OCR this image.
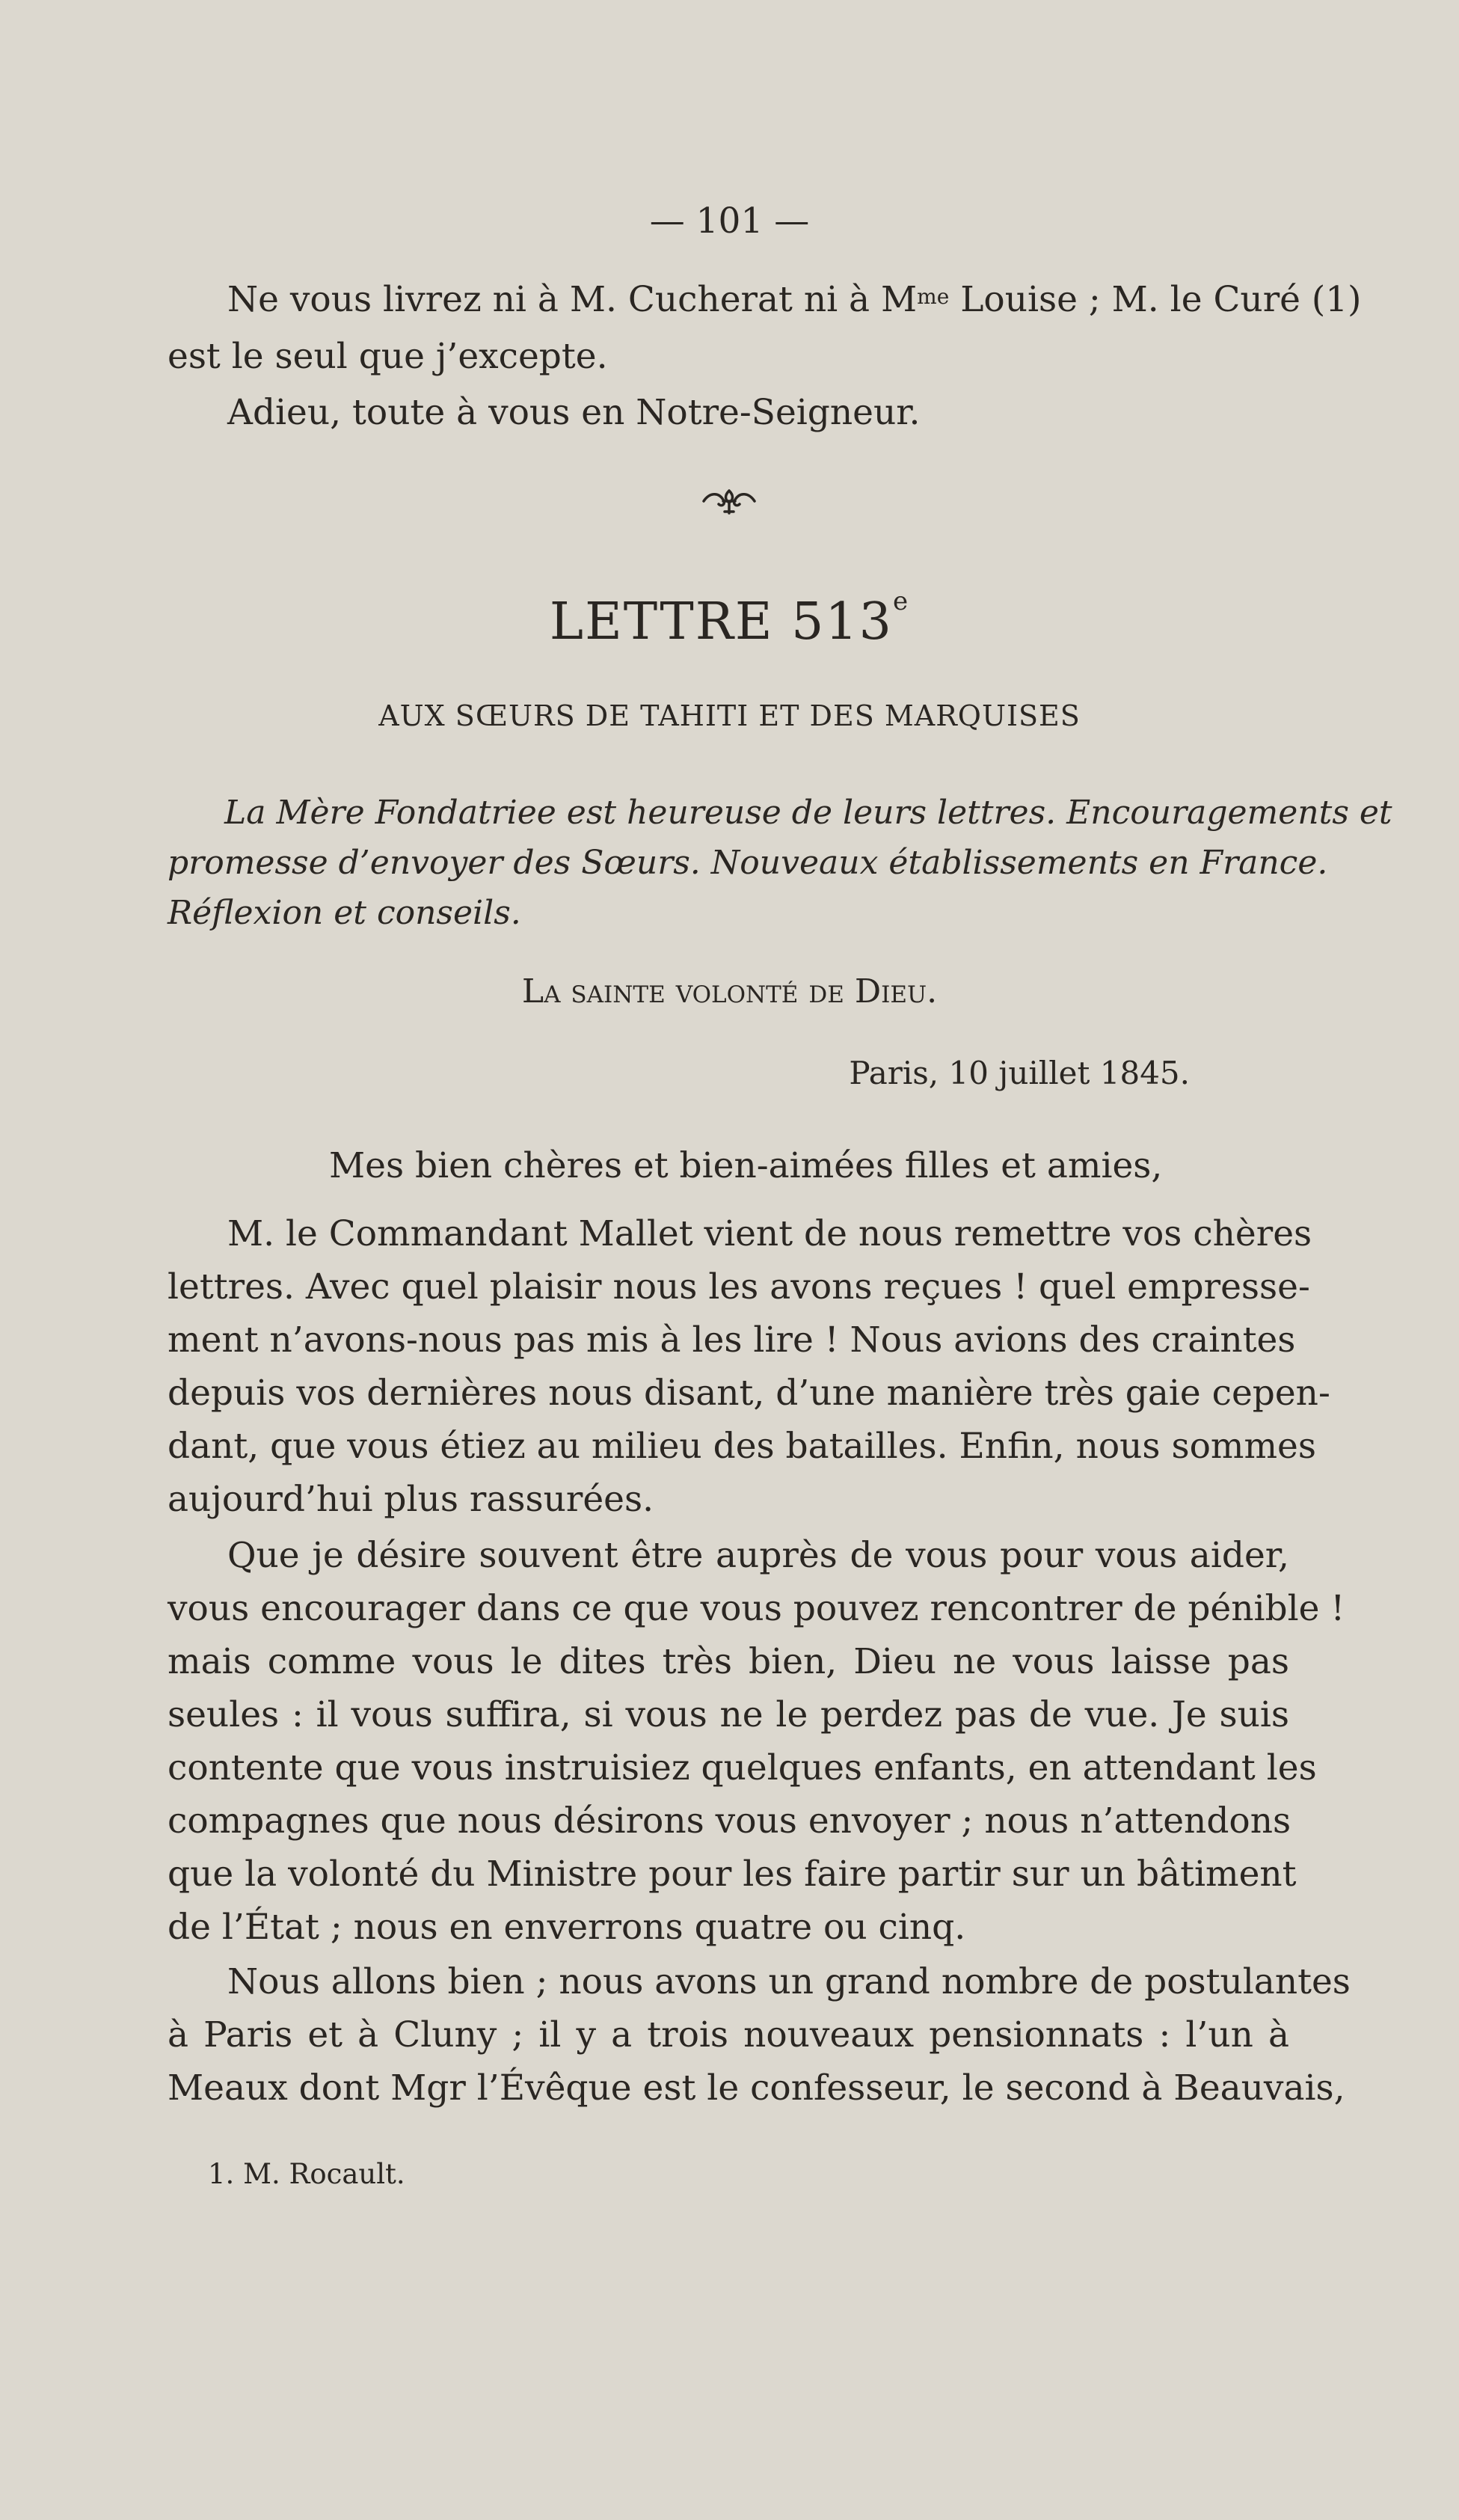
— 101 —
Ne vous livrez ni à M. Cucherat ni à $M^{me}$ Louise ; M. le Curé (1)
est le seul que j’excepte.
Adieu, toute à vous en Notre-Seigneur.
LETTRE 513e
AUX SŒURS DE TAHITI ET DES MARQUISES
La Mère Fondatriee est heureuse de leurs lettres. Encouragements et
promesse d’envoyer des Sœurs. Nouveaux établissements en France.
Réflexion et conseils.
La sainte volonté de Dieu.
Paris, 10 juillet 1845.
Mes bien chères et bien-aimées filles et amies,
M. le Commandant Mallet vient de nous remettre vos chères
lettres. Avec quel plaisir nous les avons reçues ! quel empresse-
ment n’avons-nous pas mis à les lire ! Nous avions des craintes
depuis vos dernières nous disant, d’une manière très gaie cepen-
dant, que vous étiez au milieu des batailles. Enfin, nous sommes
aujourd’hui plus rassurées.
Que je désire souvent être auprès de vous pour vous aider,
vous encourager dans ce que vous pouvez rencontrer de pénible !
mais comme vous le dites très bien, Dieu ne vous laisse pas
seules : il vous suffira, si vous ne le perdez pas de vue. Je suis
contente que vous instruisiez quelques enfants, en attendant les
compagnes que nous désirons vous envoyer ; nous n’attendons
que la volonté du Ministre pour les faire partir sur un bâtiment
de l’État ; nous en enverrons quatre ou cinq.
Nous allons bien ; nous avons un grand nombre de postulantes
à Paris et à Cluny ; il y a trois nouveaux pensionnats : l’un à
Meaux dont Mgr l’Évêque est le confesseur, le second à Beauvais,
1. M. Rocault.
